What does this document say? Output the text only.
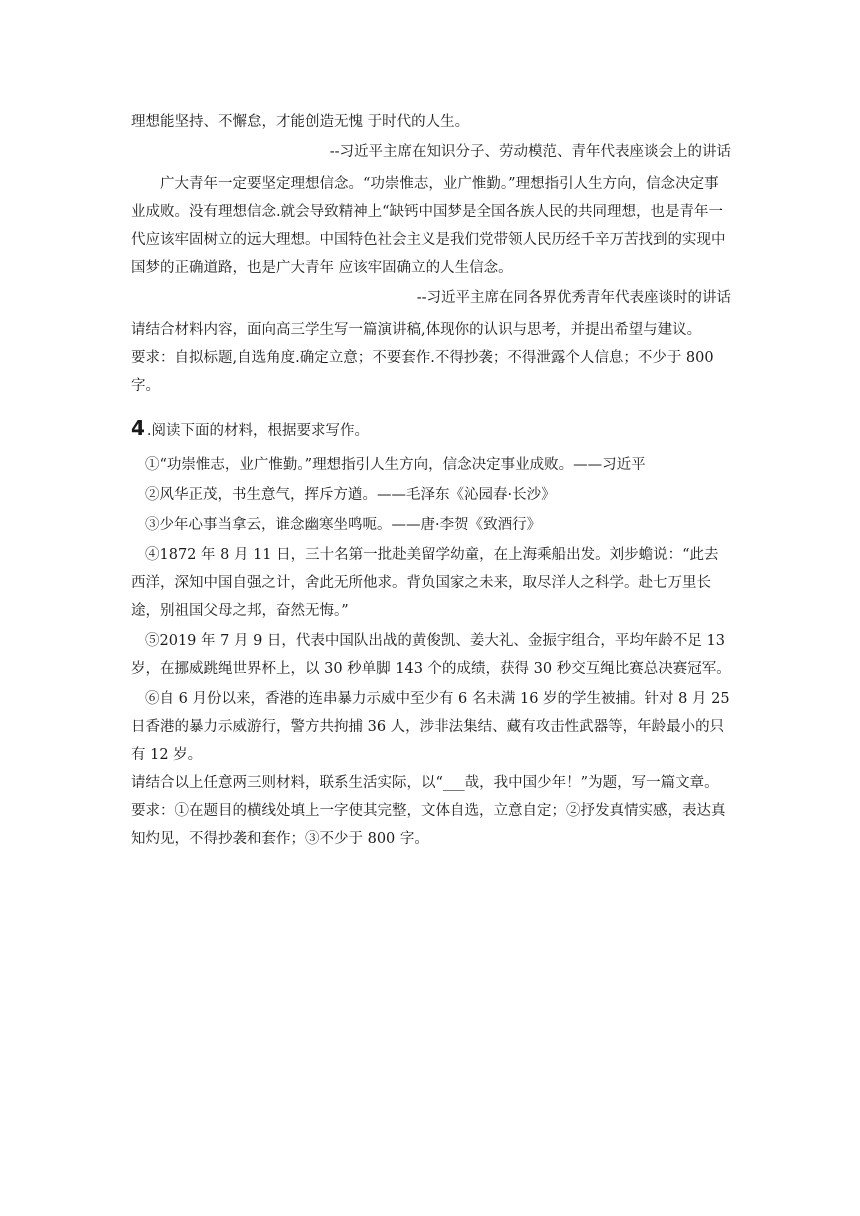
理想能坚持、不懈怠，才能创造无愧 于时代的人生。

--习近平主席在知识分子、劳动模范、青年代表座谈会上的讲话

广大青年一定要坚定理想信念。“功崇惟志，业广惟勤。”理想指引人生方向，信念决定事业成败。没有理想信念.就会导致精神上“缺钙中国梦是全国各族人民的共同理想，也是青年一代应该牢固树立的远大理想。中国特色社会主义是我们党带领人民历经千辛万苦找到的实现中国梦的正确道路，也是广大青年 应该牢固确立的人生信念。

--习近平主席在同各界优秀青年代表座谈时的讲话

请结合材料内容，面向高三学生写一篇演讲稿,体现你的认识与思考，并提出希望与建议。

要求：自拟标题,自选角度.确定立意；不要套作.不得抄袭；不得泄露个人信息；不少于 800 字。

4 .阅读下面的材料，根据要求写作。

①“功崇惟志，业广惟勤。”理想指引人生方向，信念决定事业成败。——习近平

②风华正茂，书生意气，挥斥方遒。——毛泽东《沁园春·长沙》

③少年心事当拿云，谁念幽寒坐鸣呃。——唐·李贺《致酒行》

④1872 年 8 月 11 日，三十名第一批赴美留学幼童，在上海乘船出发。刘步蟾说：“此去西洋，深知中国自强之计，舍此无所他求。背负国家之未来，取尽洋人之科学。赴七万里长途，别祖国父母之邦，奋然无悔。”

⑤2019 年 7 月 9 日，代表中国队出战的黄俊凯、姜大礼、金振宇组合，平均年龄不足 13 岁，在挪威跳绳世界杯上，以 30 秒单脚 143 个的成绩，获得 30 秒交互绳比赛总决赛冠军。

⑥自 6 月份以来，香港的连串暴力示威中至少有 6 名未满 16 岁的学生被捕。针对 8 月 25 日香港的暴力示威游行，警方共拘捕 36 人，涉非法集结、藏有攻击性武器等，年龄最小的只有 12 岁。

请结合以上任意两三则材料，联系生活实际，以“___哉，我中国少年！”为题，写一篇文章。

要求：①在题目的横线处填上一字使其完整，文体自选，立意自定；②抒发真情实感，表达真知灼见，不得抄袭和套作；③不少于 800 字。
